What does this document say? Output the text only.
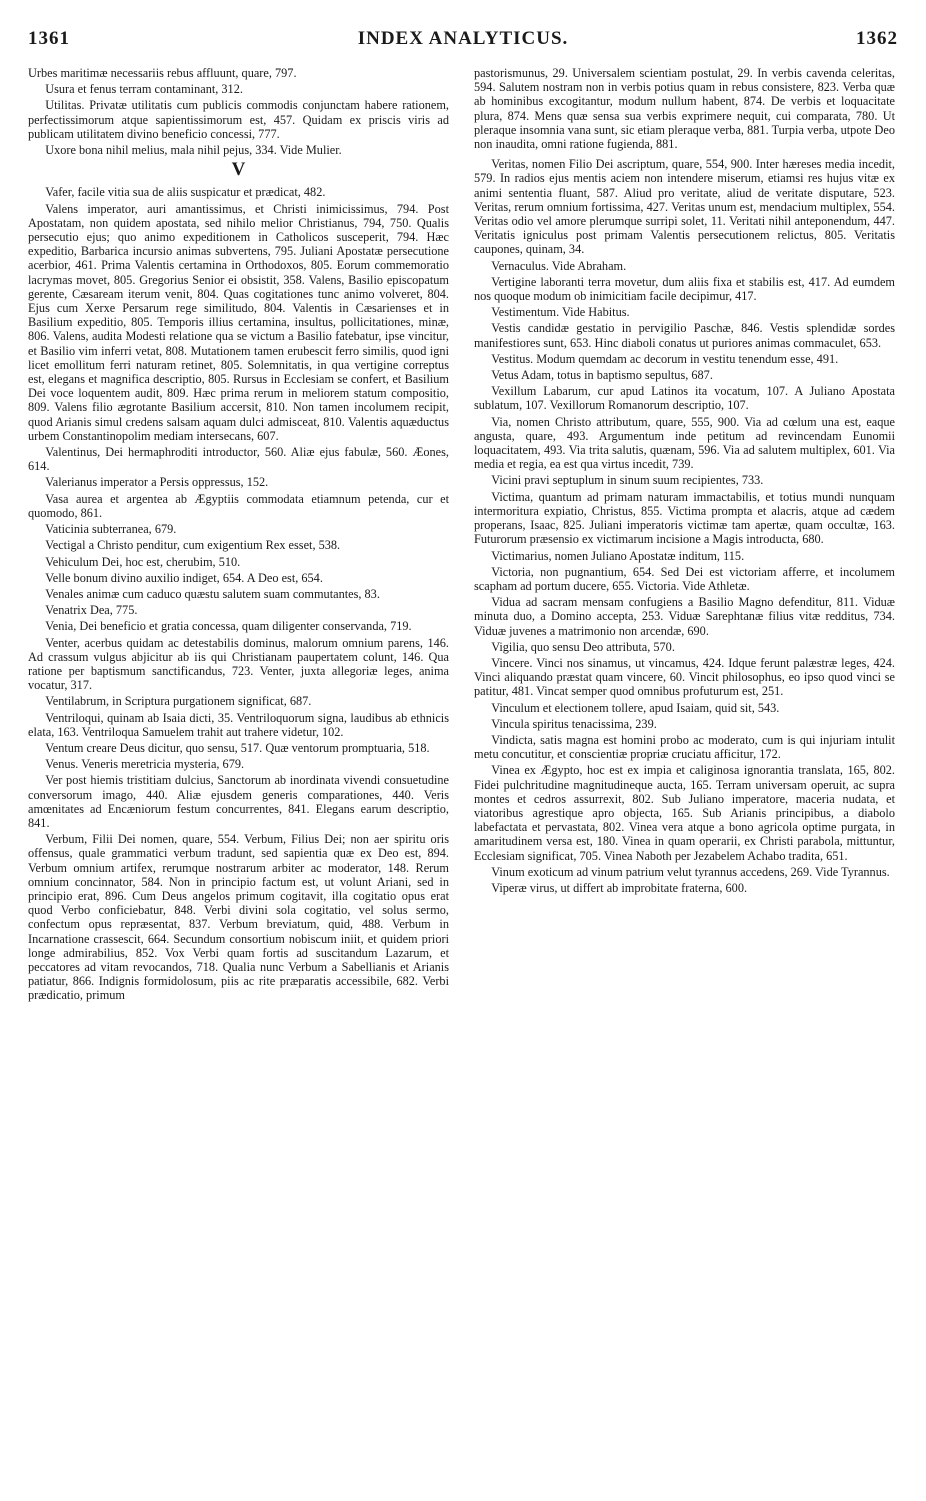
1361	INDEX ANALYTICUS.	1362

Urbes maritimæ necessariis rebus affluunt, quare, 797.

Usura et fenus terram contaminant, 312.

Utilitas. Privatæ utilitatis cum publicis commodis conjunctam habere rationem, perfectissimorum atque sapientissimorum est, 457. Quidam ex priscis viris ad publicam utilitatem divino beneficio concessi, 777.

Uxore bona nihil melius, mala nihil pejus, 334. Vide Mulier.

V

Vafer, facile vitia sua de aliis suspicatur et prædicat, 482.

Valens imperator, auri amantissimus, et Christi inimicissimus, 794. Post Apostatam, non quidem apostata, sed nihilo melior Christianus, 794, 750. Qualis persecutio ejus; quo animo expeditionem in Catholicos susceperit, 794. Hæc expeditio, Barbarica incursio animas subvertens, 795. Juliani Apostatæ persecutione acerbior, 461. Prima Valentis certamina in Orthodoxos, 805. Eorum commemoratio lacrymas movet, 805. Gregorius Senior ei obsistit, 358. Valens, Basilio episcopatum gerente, Cæsaream iterum venit, 804. Quas cogitationes tunc animo volveret, 804. Ejus cum Xerxe Persarum rege similitudo, 804. Valentis in Cæsarienses et in Basilium expeditio, 805. Temporis illius certamina, insultus, pollicitationes, minæ, 806. Valens, audita Modesti relatione qua se victum a Basilio fatebatur, ipse vincitur, et Basilio vim inferri vetat, 808. Mutationem tamen erubescit ferro similis, quod igni licet emollitum ferri naturam retinet, 805. Solemnitatis, in qua vertigine correptus est, elegans et magnifica descriptio, 805. Rursus in Ecclesiam se confert, et Basilium Dei voce loquentem audit, 809. Hæc prima rerum in meliorem statum compositio, 809. Valens filio ægrotante Basilium accersit, 810. Non tamen incolumem recipit, quod Arianis simul credens salsam aquam dulci admisceat, 810. Valentis aquæductus urbem Constantinopolim mediam intersecans, 607.

Valentinus, Dei hermaphroditi introductor, 560. Aliæ ejus fabulæ, 560. Æones, 614.

Valerianus imperator a Persis oppressus, 152.

Vasa aurea et argentea ab Ægyptiis commodata etiamnum petenda, cur et quomodo, 861.

Vaticinia subterranea, 679.

Vectigal a Christo penditur, cum exigentium Rex esset, 538.

Vehiculum Dei, hoc est, cherubim, 510.

Velle bonum divino auxilio indiget, 654. A Deo est, 654.

Venales animæ cum caduco quæstu salutem suam commutantes, 83.

Venatrix Dea, 775.

Venia, Dei beneficio et gratia concessa, quam diligenter conservanda, 719.

Venter, acerbus quidam ac detestabilis dominus, malorum omnium parens, 146. Ad crassum vulgus abjicitur ab iis qui Christianam paupertatem colunt, 146. Qua ratione per baptismum sanctificandus, 723. Venter, juxta allegoriæ leges, anima vocatur, 317.

Ventilabrum, in Scriptura purgationem significat, 687.

Ventriloqui, quinam ab Isaia dicti, 35. Ventriloquorum signa, laudibus ab ethnicis elata, 163. Ventriloqua Samuelem trahit aut trahere videtur, 102.

Ventum creare Deus dicitur, quo sensu, 517. Quæ ventorum promptuaria, 518.

Venus. Veneris meretricia mysteria, 679.

Ver post hiemis tristitiam dulcius, Sanctorum ab inordinata vivendi consuetudine conversorum imago, 440. Aliæ ejusdem generis comparationes, 440. Veris amœnitates ad Encæniorum festum concurrentes, 841. Elegans earum descriptio, 841.

Verbum, Filii Dei nomen, quare, 554. Verbum, Filius Dei; non aer spiritu oris offensus, quale grammatici verbum tradunt, sed sapientia quæ ex Deo est, 894. Verbum omnium artifex, rerumque nostrarum arbiter ac moderator, 148. Rerum omnium concinnator, 584. Non in principio factum est, ut volunt Ariani, sed in principio erat, 896. Cum Deus angelos primum cogitavit, illa cogitatio opus erat quod Verbo conficiebatur, 848. Verbi divini sola cogitatio, vel solus sermo, confectum opus repræsentat, 837. Verbum breviatum, quid, 488. Verbum in Incarnatione crassescit, 664. Secundum consortium nobiscum iniit, et quidem priori longe admirabilius, 852. Vox Verbi quam fortis ad suscitandum Lazarum, et peccatores ad vitam revocandos, 718. Qualia nunc Verbum a Sabellianis et Arianis patiatur, 866. Indignis formidolosum, piis ac rite præparatis accessibile, 682. Verbi prædicatio, primum

pastorismunus, 29. Universalem scientiam postulat, 29. In verbis cavenda celeritas, 594. Salutem nostram non in verbis potius quam in rebus consistere, 823. Verba quæ ab hominibus excogitantur, modum nullum habent, 874. De verbis et loquacitate plura, 874. Mens quæ sensa sua verbis exprimere nequit, cui comparata, 780. Ut pleraque insomnia vana sunt, sic etiam pleraque verba, 881. Turpia verba, utpote Deo non inaudita, omni ratione fugienda, 881.

Veritas, nomen Filio Dei ascriptum, quare, 554, 900. Inter hæreses media incedit, 579. In radios ejus mentis aciem non intendere miserum, etiamsi res hujus vitæ ex animi sententia fluant, 587. Aliud pro veritate, aliud de veritate disputare, 523. Veritas, rerum omnium fortissima, 427. Veritas unum est, mendacium multiplex, 554. Veritas odio vel amore plerumque surripi solet, 11. Veritati nihil anteponendum, 447. Veritatis igniculus post primam Valentis persecutionem relictus, 805. Veritatis caupones, quinam, 34.

Vernaculus. Vide Abraham.

Vertigine laboranti terra movetur, dum aliis fixa et stabilis est, 417. Ad eumdem nos quoque modum ob inimicitiam facile decipimur, 417.

Vestimentum. Vide Habitus.

Vestis candidæ gestatio in pervigilio Paschæ, 846. Vestis splendidæ sordes manifestiores sunt, 653. Hinc diaboli conatus ut puriores animas commaculet, 653.

Vestitus. Modum quemdam ac decorum in vestitu tenendum esse, 491.

Vetus Adam, totus in baptismo sepultus, 687.

Vexillum Labarum, cur apud Latinos ita vocatum, 107. A Juliano Apostata sublatum, 107. Vexillorum Romanorum descriptio, 107.

Via, nomen Christo attributum, quare, 555, 900. Via ad cœlum una est, eaque angusta, quare, 493. Argumentum inde petitum ad revincendam Eunomii loquacitatem, 493. Via trita salutis, quænam, 596. Via ad salutem multiplex, 601. Via media et regia, ea est qua virtus incedit, 739.

Vicini pravi septuplum in sinum suum recipientes, 733.

Victima, quantum ad primam naturam immactabilis, et totius mundi nunquam intermoritura expiatio, Christus, 855. Victima prompta et alacris, atque ad cædem properans, Isaac, 825. Juliani imperatoris victimæ tam apertæ, quam occultæ, 163. Futurorum præsensio ex victimarum incisione a Magis introducta, 680.

Victimarius, nomen Juliano Apostatæ inditum, 115.

Victoria, non pugnantium, 654. Sed Dei est victoriam afferre, et incolumem scapham ad portum ducere, 655. Victoria. Vide Athletæ.

Vidua ad sacram mensam confugiens a Basilio Magno defenditur, 811. Viduæ minuta duo, a Domino accepta, 253. Viduæ Sarephtanæ filius vitæ redditus, 734. Viduæ juvenes a matrimonio non arcendæ, 690.

Vigilia, quo sensu Deo attributa, 570.

Vincere. Vinci nos sinamus, ut vincamus, 424. Idque ferunt palæstræ leges, 424. Vinci aliquando præstat quam vincere, 60. Vincit philosophus, eo ipso quod vinci se patitur, 481. Vincat semper quod omnibus profuturum est, 251.

Vinculum et electionem tollere, apud Isaiam, quid sit, 543.

Vincula spiritus tenacissima, 239.

Vindicta, satis magna est homini probo ac moderato, cum is qui injuriam intulit metu concutitur, et conscientiæ propriæ cruciatu afficitur, 172.

Vinea ex Ægypto, hoc est ex impia et caliginosa ignorantia translata, 165, 802. Fidei pulchritudine magnitudineque aucta, 165. Terram universam operuit, ac supra montes et cedros assurrexit, 802. Sub Juliano imperatore, maceria nudata, et viatoribus agrestique apro objecta, 165. Sub Arianis principibus, a diabolo labefactata et pervastata, 802. Vinea vera atque a bono agricola optime purgata, in amaritudinem versa est, 180. Vinea in quam operarii, ex Christi parabola, mittuntur, Ecclesiam significat, 705. Vinea Naboth per Jezabelem Achabo tradita, 651.

Vinum exoticum ad vinum patrium velut tyrannus accedens, 269. Vide Tyrannus.

Viperæ virus, ut differt ab improbitate fraterna, 600.
